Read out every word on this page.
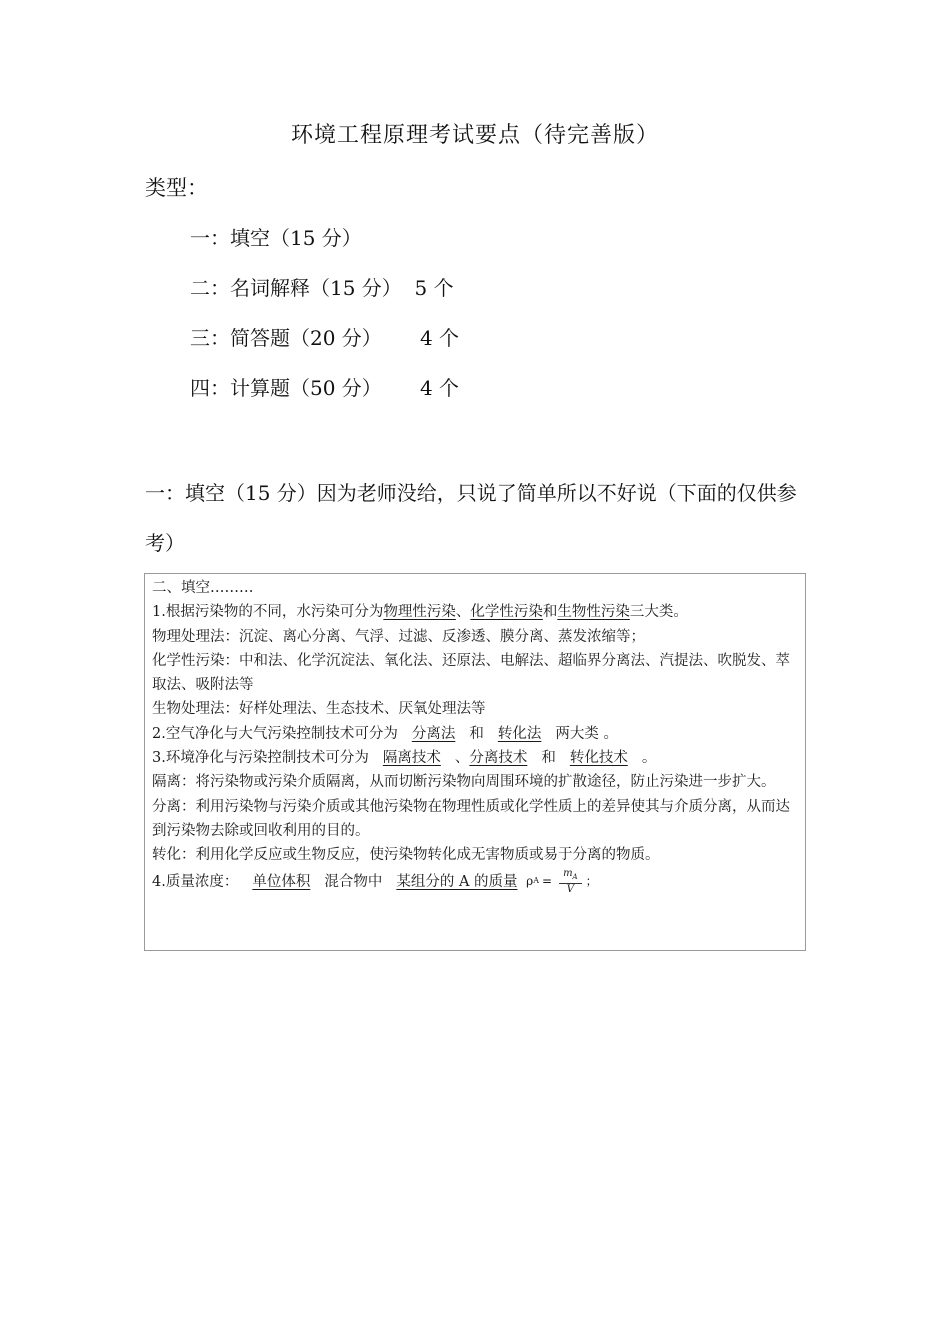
环境工程原理考试要点（待完善版）
类型：
一：填空（15 分）
二：名词解释（15 分）  5 个
三：简答题（20 分）      4 个
四：计算题（50 分）      4 个
一：填空（15 分）因为老师没给，只说了简单所以不好说（下面的仅供参考）

二、填空………

1.根据污染物的不同，水污染可分为物理性污染、化学性污染和生物性污染三大类。

物理处理法：沉淀、离心分离、气浮、过滤、反渗透、膜分离、蒸发浓缩等；

化学性污染：中和法、化学沉淀法、氧化法、还原法、电解法、超临界分离法、汽提法、吹脱发、萃取法、吸附法等

生物处理法：好样处理法、生态技术、厌氧处理法等

2.空气净化与大气污染控制技术可分为 分离法 和 转化法 两大类 。

3.环境净化与污染控制技术可分为 隔离技术 、分离技术 和 转化技术 。

隔离：将污染物或污染介质隔离，从而切断污染物向周围环境的扩散途径，防止污染进一步扩大。

分离：利用污染物与污染介质或其他污染物在物理性质或化学性质上的差异使其与介质分离，从而达到污染物去除或回收利用的目的。

转化：利用化学反应或生物反应，使污染物转化成无害物质或易于分离的物质。

4.质量浓度： 单位体积 混合物中 某组分的 A 的质量 ρ $A = \frac{m_A}{V}$ ；
